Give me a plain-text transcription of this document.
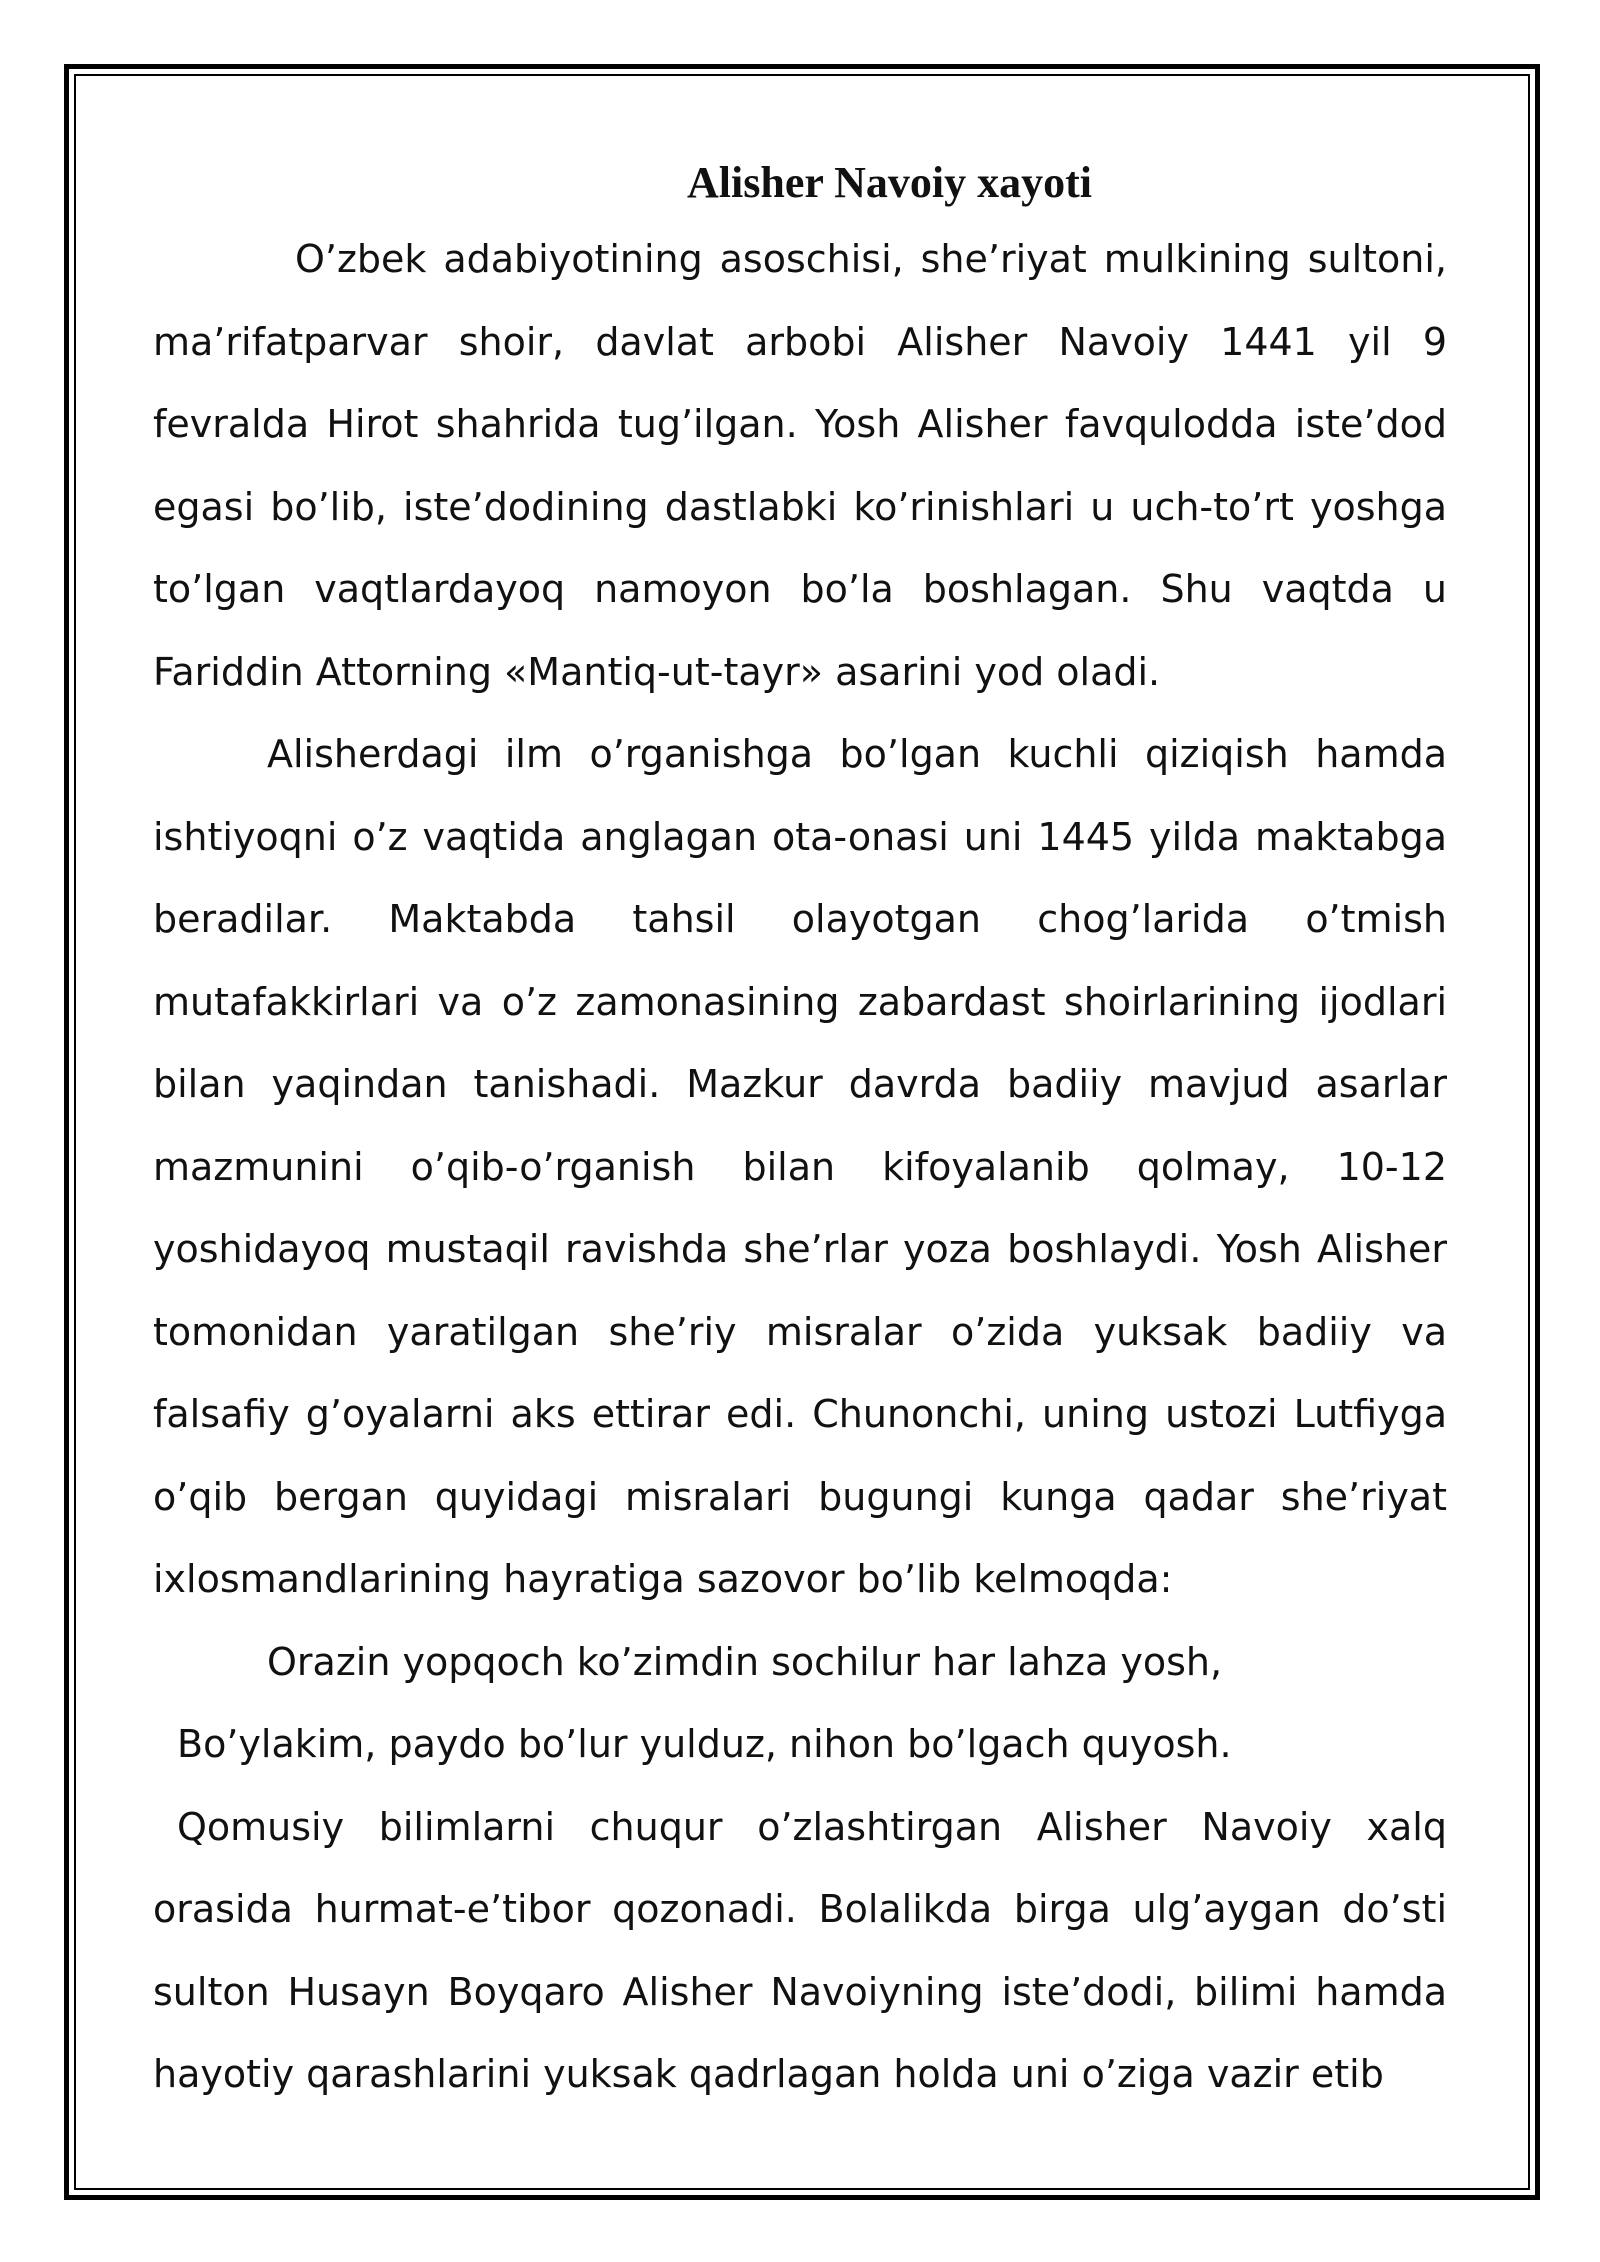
Alisher Navoiy xayoti

O’zbek adabiyotining asoschisi, she’riyat mulkining sultoni, ma’rifatparvar shoir, davlat arbobi Alisher Navoiy 1441 yil 9 fevralda Hirot shahrida tug’ilgan. Yosh Alisher favqulodda iste’dod egasi bo’lib, iste’dodining dastlabki ko’rinishlari u uch-to’rt yoshga to’lgan vaqtlardayoq namoyon bo’la boshlagan. Shu vaqtda u Fariddin Attorning «Mantiq-ut-tayr» asarini yod oladi.

Alisherdagi ilm o’rganishga bo’lgan kuchli qiziqish hamda ishtiyoqni o’z vaqtida anglagan ota-onasi uni 1445 yilda maktabga beradilar. Maktabda tahsil olayotgan chog’larida o’tmish mutafakkirlari va o’z zamonasining zabardast shoirlarining ijodlari bilan yaqindan tanishadi. Mazkur davrda badiiy mavjud asarlar mazmunini o’qib-o’rganish bilan kifoyalanib qolmay, 10-12 yoshidayoq mustaqil ravishda she’rlar yoza boshlaydi. Yosh Alisher tomonidan yaratilgan she’riy misralar o’zida yuksak badiiy va falsafiy g’oyalarni aks ettirar edi. Chunonchi, uning ustozi Lutfiyga o’qib bergan quyidagi misralari bugungi kunga qadar she’riyat ixlosmandlarining hayratiga sazovor bo’lib kelmoqda:

Orazin yopqoch ko’zimdin sochilur har lahza yosh,

Bo’ylakim, paydo bo’lur yulduz, nihon bo’lgach quyosh.

Qomusiy bilimlarni chuqur o’zlashtirgan Alisher Navoiy xalq orasida hurmat-e’tibor qozonadi. Bolalikda birga ulg’aygan do’sti sulton Husayn Boyqaro Alisher Navoiyning iste’dodi, bilimi hamda hayotiy qarashlarini yuksak qadrlagan holda uni o’ziga vazir etib
